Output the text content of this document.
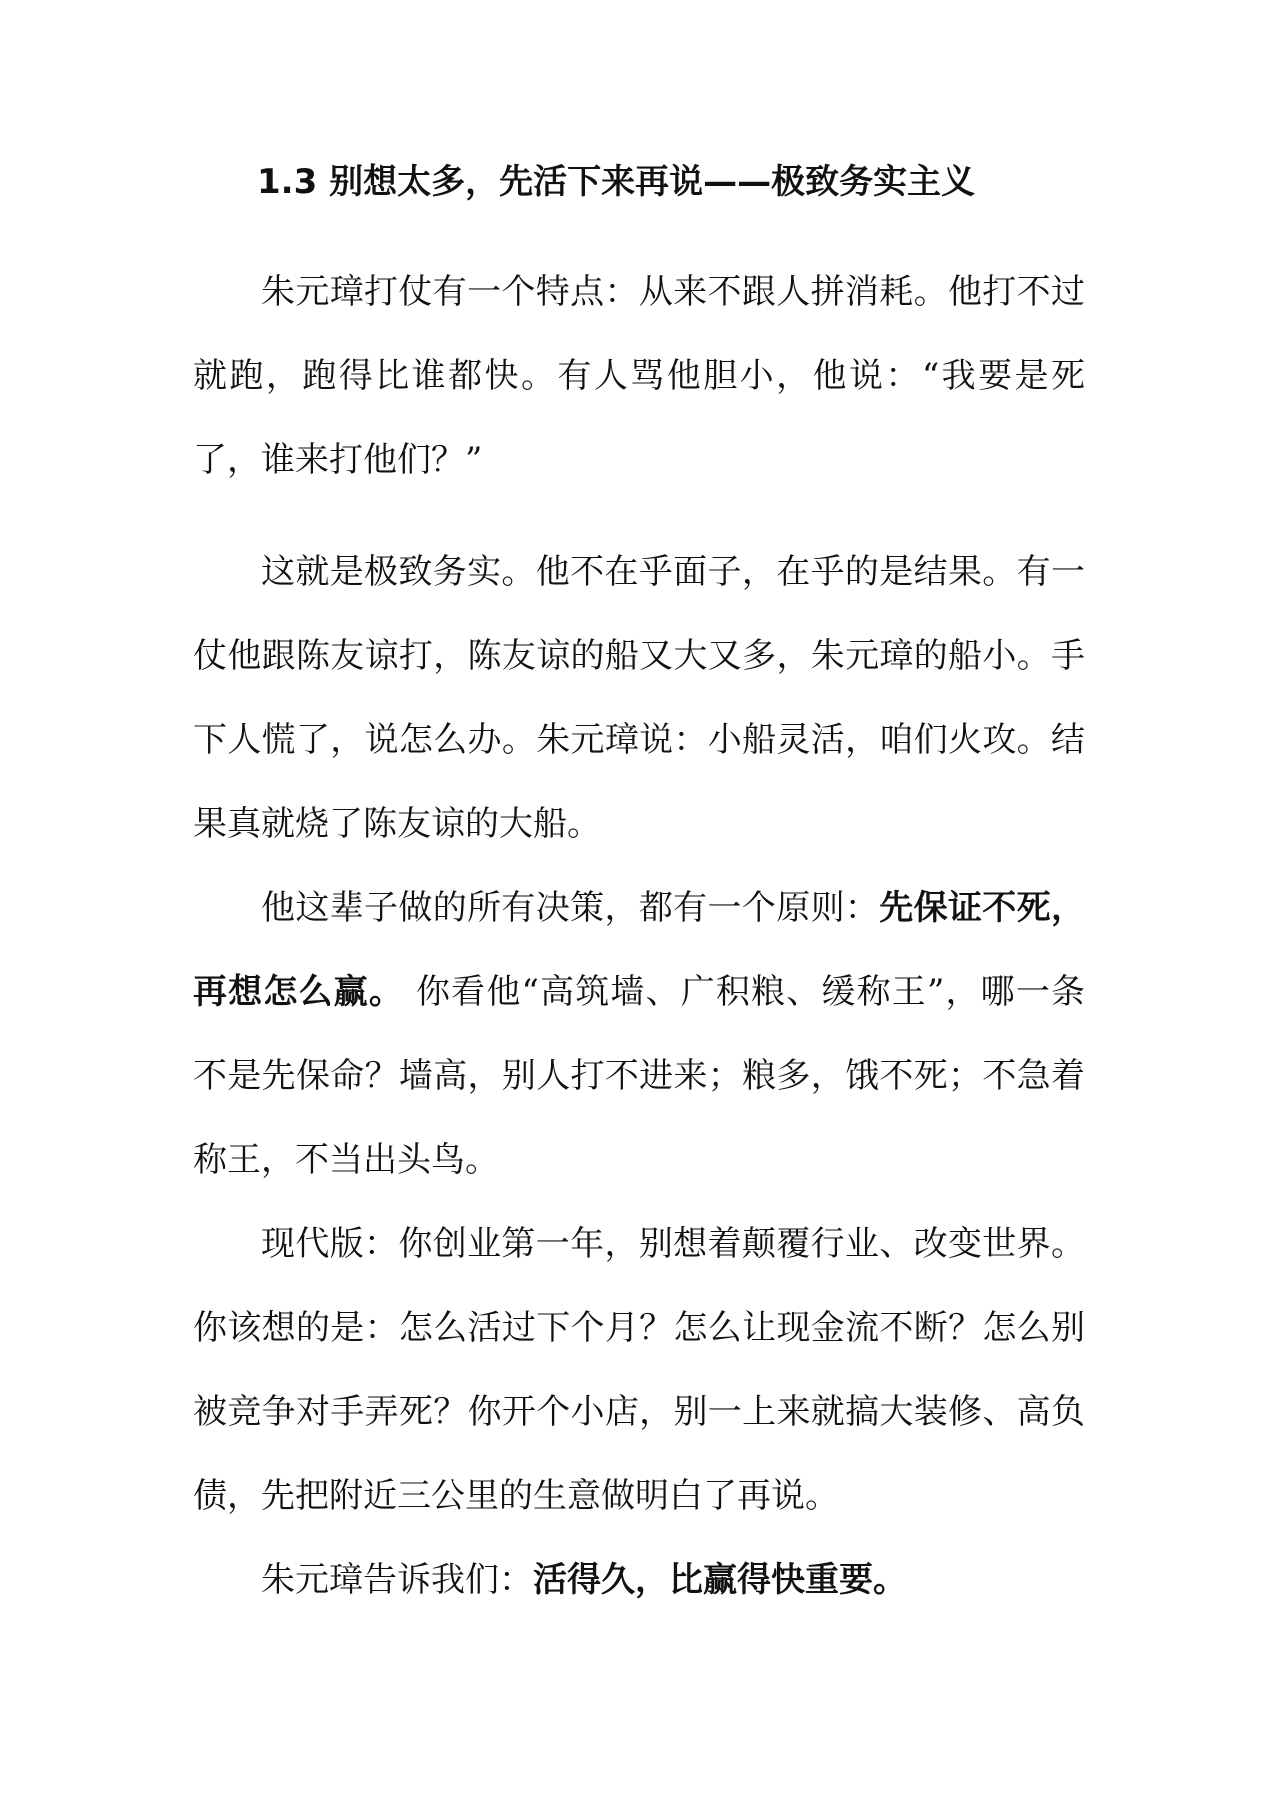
1.3 别想太多，先活下来再说——极致务实主义

朱元璋打仗有一个特点：从来不跟人拼消耗。他打不过就跑，跑得比谁都快。有人骂他胆小，他说：“我要是死了，谁来打他们？”

这就是极致务实。他不在乎面子，在乎的是结果。有一仗他跟陈友谅打，陈友谅的船又大又多，朱元璋的船小。手下人慌了，说怎么办。朱元璋说：小船灵活，咱们火攻。结果真就烧了陈友谅的大船。

他这辈子做的所有决策，都有一个原则：先保证不死，再想怎么赢。 你看他“高筑墙、广积粮、缓称王”，哪一条不是先保命？墙高，别人打不进来；粮多，饿不死；不急着称王，不当出头鸟。

现代版：你创业第一年，别想着颠覆行业、改变世界。你该想的是：怎么活过下个月？怎么让现金流不断？怎么别被竞争对手弄死？你开个小店，别一上来就搞大装修、高负债，先把附近三公里的生意做明白了再说。

朱元璋告诉我们：活得久，比赢得快重要。
